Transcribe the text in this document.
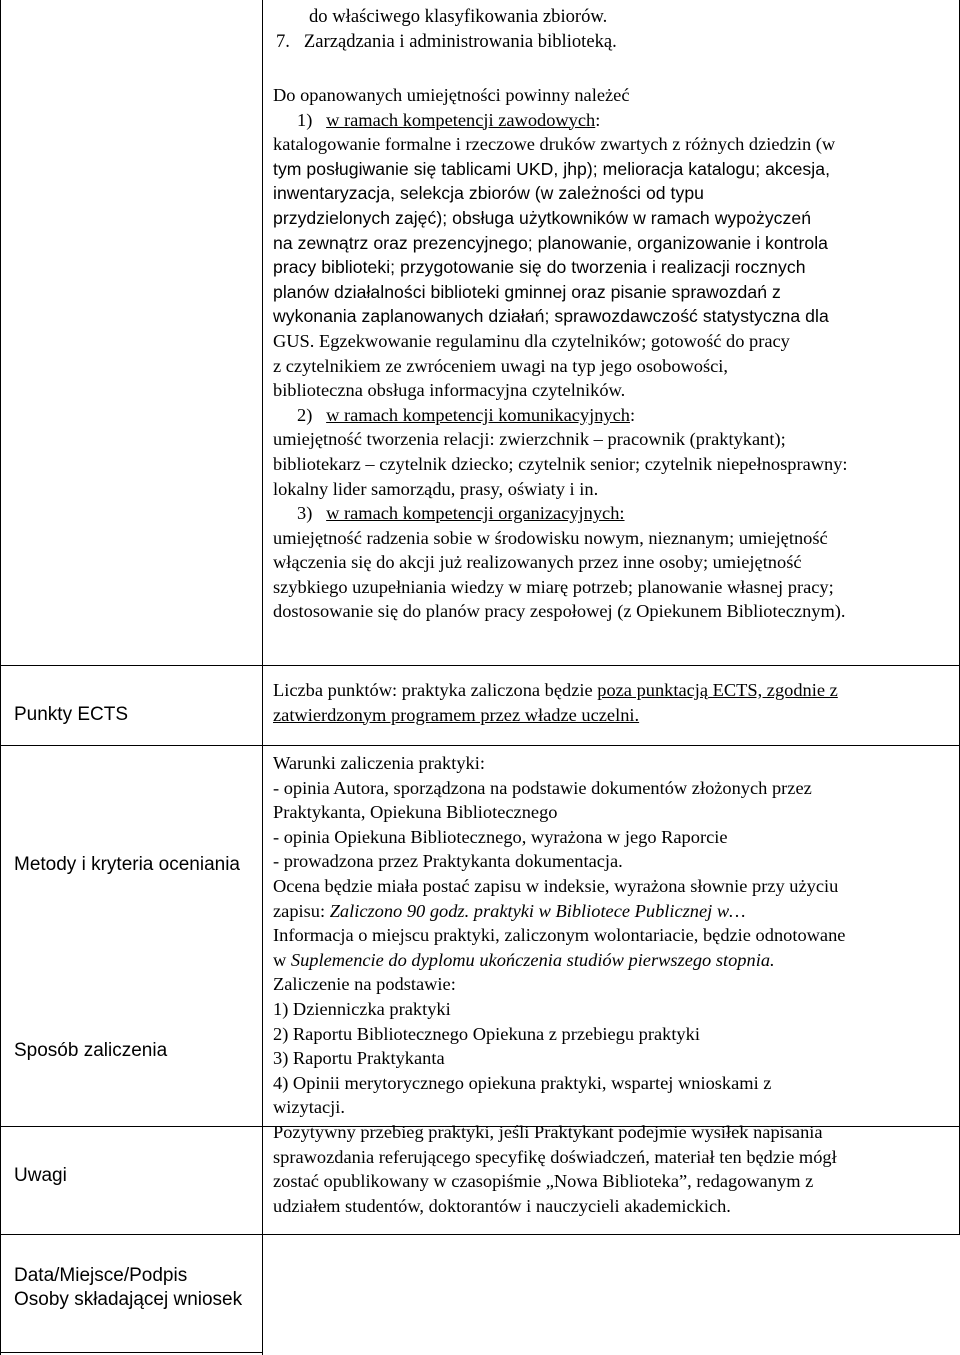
do właściwego klasyfikowania zbiorów.
7. Zarządzania i administrowania biblioteką.
Do opanowanych umiejętności powinny należeć
1) w ramach kompetencji zawodowych:
katalogowanie formalne i rzeczowe druków zwartych z różnych dziedzin (w
tym posługiwanie się tablicami UKD, jhp); melioracja katalogu; akcesja,
inwentaryzacja, selekcja zbiorów (w zależności od typu
przydzielonych zajęć); obsługa użytkowników w ramach wypożyczeń
na zewnątrz oraz prezencyjnego; planowanie, organizowanie i kontrola
pracy biblioteki; przygotowanie się do tworzenia i realizacji rocznych
planów działalności biblioteki gminnej oraz pisanie sprawozdań z
wykonania zaplanowanych działań; sprawozdawczość statystyczna dla
GUS. Egzekwowanie regulaminu dla czytelników; gotowość do pracy
z czytelnikiem ze zwróceniem uwagi na typ jego osobowości,
biblioteczna obsługa informacyjna czytelników.
2) w ramach kompetencji komunikacyjnych:
umiejętność tworzenia relacji: zwierzchnik – pracownik (praktykant);
bibliotekarz – czytelnik dziecko; czytelnik senior; czytelnik niepełnosprawny:
lokalny lider samorządu, prasy, oświaty i in.
3) w ramach kompetencji organizacyjnych:
umiejętność radzenia sobie w środowisku nowym, nieznanym; umiejętność
włączenia się do akcji już realizowanych przez inne osoby; umiejętność
szybkiego uzupełniania wiedzy w miarę potrzeb; planowanie własnej pracy;
dostosowanie się do planów pracy zespołowej (z Opiekunem Bibliotecznym).
Punkty ECTS
Liczba punktów: praktyka zaliczona będzie poza punktacją ECTS, zgodnie z
zatwierdzonym programem przez władze uczelni.
Metody i kryteria oceniania
Sposób zaliczenia
Warunki zaliczenia praktyki:
- opinia Autora, sporządzona na podstawie dokumentów złożonych przez
Praktykanta, Opiekuna Bibliotecznego
- opinia Opiekuna Bibliotecznego, wyrażona w jego Raporcie
- prowadzona przez Praktykanta dokumentacja.
Ocena będzie miała postać zapisu w indeksie, wyrażona słownie przy użyciu
zapisu: Zaliczono 90 godz. praktyki w Bibliotece Publicznej w…
Informacja o miejscu praktyki, zaliczonym wolontariacie, będzie odnotowane
w Suplemencie do dyplomu ukończenia studiów pierwszego stopnia.
Zaliczenie na podstawie:
1) Dzienniczka praktyki
2) Raportu Bibliotecznego Opiekuna z przebiegu praktyki
3) Raportu Praktykanta
4) Opinii merytorycznego opiekuna praktyki, wspartej wnioskami z
wizytacji.
Pozytywny przebieg praktyki, jeśli Praktykant podejmie wysiłek napisania
sprawozdania referującego specyfikę doświadczeń, materiał ten będzie mógł
zostać opublikowany w czasopiśmie „Nowa Biblioteka”, redagowanym z
udziałem studentów, doktorantów i nauczycieli akademickich.
Uwagi
Data/Miejsce/Podpis
Osoby składającej wniosek
